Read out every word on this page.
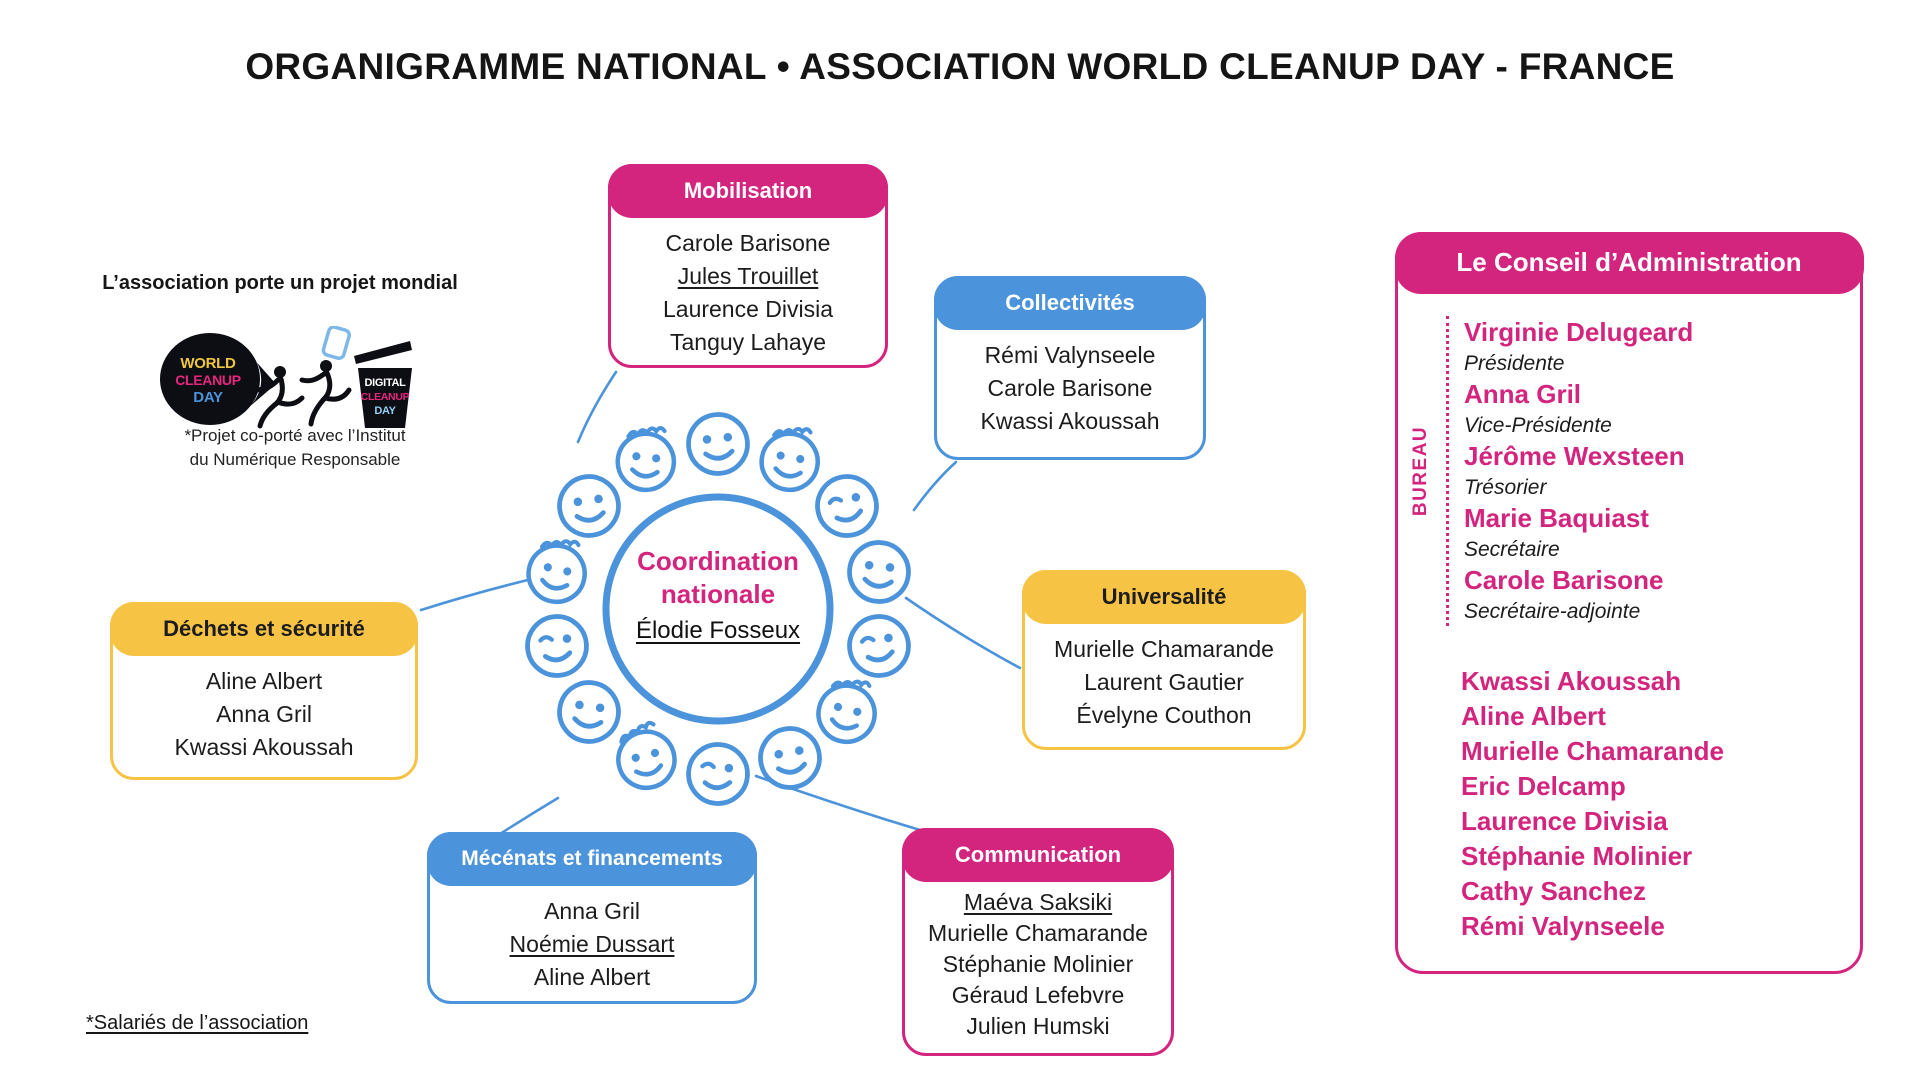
ORGANIGRAMME NATIONAL • ASSOCIATION WORLD CLEANUP DAY - FRANCE

L’association porte un projet mondial

WORLD
CLEANUP
DAY
DIGITAL
CLEANUP
DAY

*Projet co-porté avec l’Institut
du Numérique Responsable

Coordination
nationale
Élodie Fosseux
Mobilisation
Carole Barisone
Jules Trouillet
Laurence Divisia
Tanguy Lahaye
Collectivités
Rémi Valynseele
Carole Barisone
Kwassi Akoussah
Universalité
Murielle Chamarande
Laurent Gautier
Évelyne Couthon
Déchets et sécurité
Aline Albert
Anna Gril
Kwassi Akoussah
Mécénats et financements
Anna Gril
Noémie Dussart
Aline Albert
Communication
Maéva Saksiki
Murielle Chamarande
Stéphanie Molinier
Géraud Lefebvre
Julien Humski
Le Conseil d’Administration
BUREAU
Virginie Delugeard
Présidente
Anna Gril
Vice-Présidente
Jérôme Wexsteen
Trésorier
Marie Baquiast
Secrétaire
Carole Barisone
Secrétaire-adjointe
Kwassi Akoussah
Aline Albert
Murielle Chamarande
Eric Delcamp
Laurence Divisia
Stéphanie Molinier
Cathy Sanchez
Rémi Valynseele

*Salariés de l’association
